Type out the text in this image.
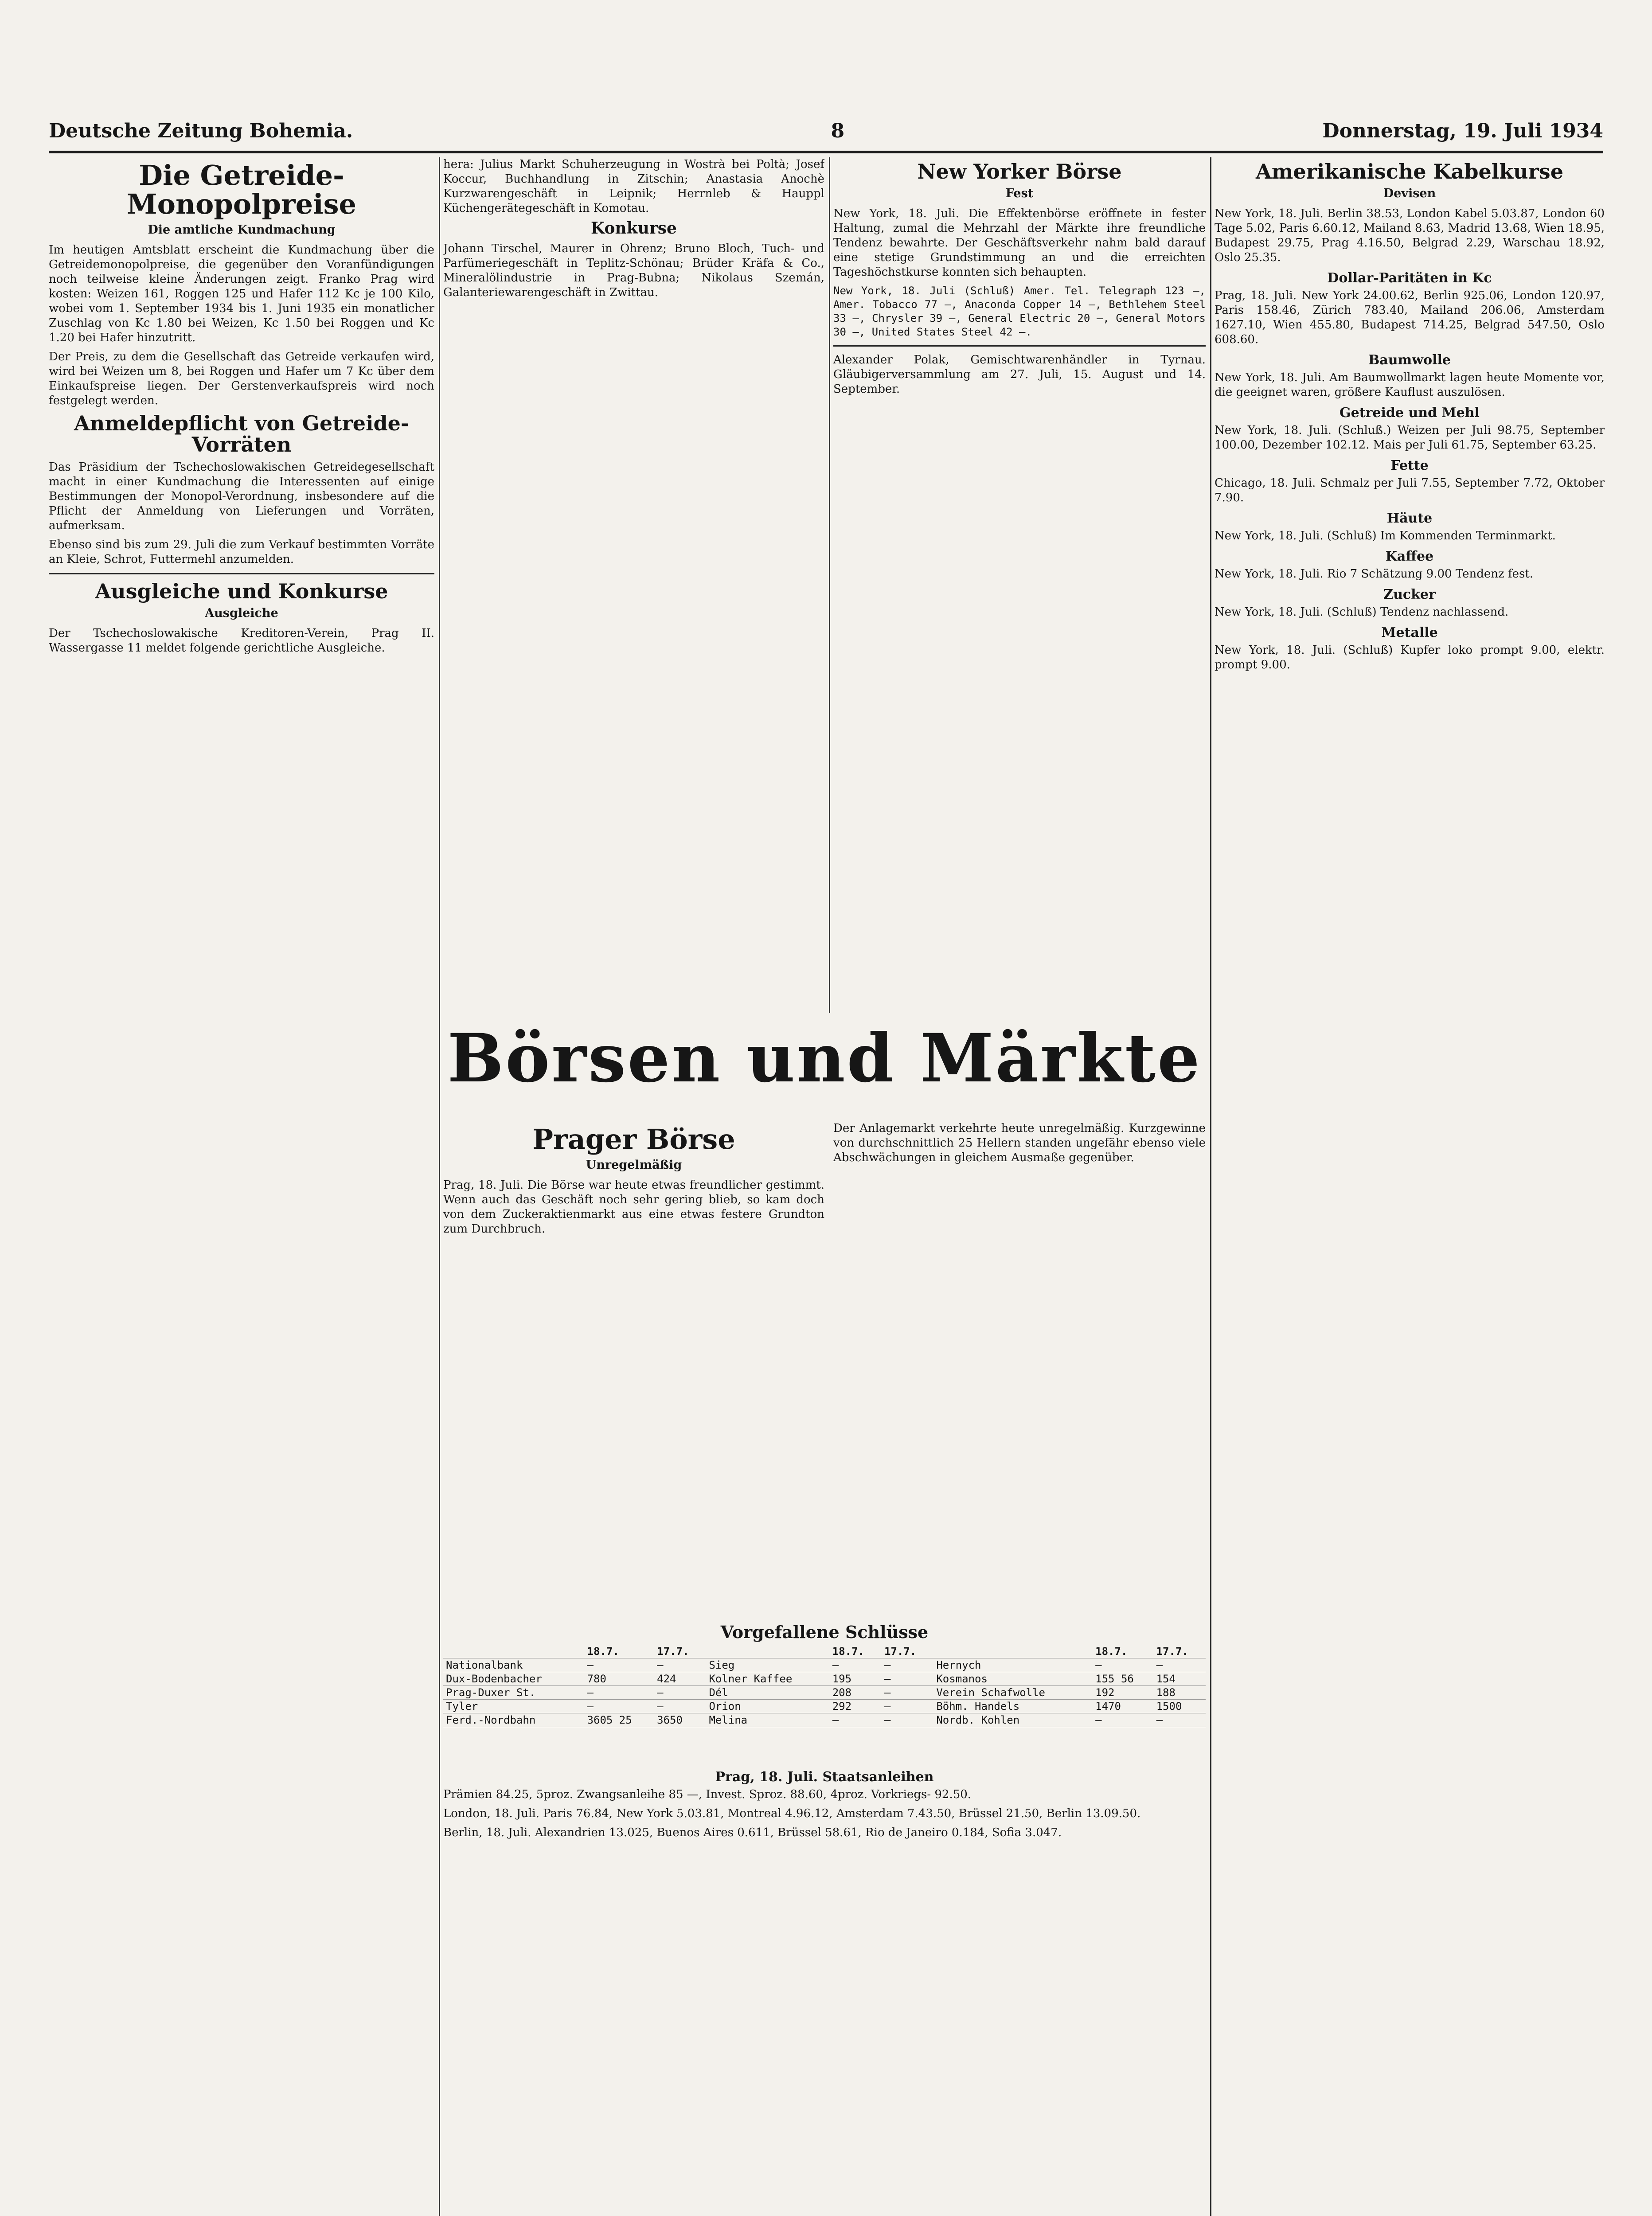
Deutsche Zeitung Bohemia.	8	Donnerstag, 19. Juli 1934
Die Getreide-Monopolpreise
Die amtliche Kundmachung

Im heutigen Amtsblatt erscheint die Kundmachung über die Getreidemonopolpreise, die gegenüber den Voranfündigungen noch teilweise kleine Änderungen zeigt. Franko Prag wird kosten: Weizen 161, Roggen 125 und Hafer 112 Kc je 100 Kilo, wobei vom 1. September 1934 bis 1. Juni 1935 ein monatlicher Zuschlag von Kc 1.80 bei Weizen, Kc 1.50 bei Roggen und Kc 1.20 bei Hafer hinzutritt.

Der Preis, zu dem die Gesellschaft das Getreide verkaufen wird, wird bei Weizen um 8, bei Roggen und Hafer um 7 Kc über dem Einkaufspreise liegen. Der Gerstenverkaufspreis wird noch festgelegt werden.

Anmeldepflicht von Getreide-Vorräten

Das Präsidium der Tschechoslowakischen Getreidegesellschaft macht in einer Kundmachung die Interessenten auf einige Bestimmungen der Monopol-Verordnung, insbesondere auf die Pflicht der Anmeldung von Lieferungen und Vorräten, aufmerksam.

Ebenso sind bis zum 29. Juli die zum Verkauf bestimmten Vorräte an Kleie, Schrot, Futtermehl anzumelden.

Ausgleiche und Konkurse
Ausgleiche

Der Tschechoslowakische Kreditoren-Verein, Prag II. Wassergasse 11 meldet folgende gerichtliche Ausgleiche.

hera: Julius Markt Schuherzeugung in Wostrà bei Poltà; Josef Koccur, Buchhandlung in Zitschin; Anastasia Anochè Kurzwarengeschäft in Leipnik; Herrnleb & Hauppl Küchengerätegeschäft in Komotau.

Konkurse

Johann Tirschel, Maurer in Ohrenz; Bruno Bloch, Tuch- und Parfümeriegeschäft in Teplitz-Schönau; Brüder Kräfa & Co., Mineralölindustrie in Prag-Bubna; Nikolaus Szemán, Galanteriewarengeschäft in Zwittau.

New Yorker Börse
Fest

New York, 18. Juli. Die Effektenbörse eröffnete in fester Haltung, zumal die Mehrzahl der Märkte ihre freundliche Tendenz bewahrte. Der Geschäftsverkehr nahm bald darauf eine stetige Grundstimmung an und die erreichten Tageshöchstkurse konnten sich behaupten.

New York, 18. Juli (Schluß) Amer. Tel. Telegraph 123 —, Amer. Tobacco 77 —, Anaconda Copper 14 —, Bethlehem Steel 33 —, Chrysler 39 —, General Electric 20 —, General Motors 30 —, United States Steel 42 —.

Alexander Polak, Gemischtwarenhändler in Tyrnau. Gläubigerversammlung am 27. Juli, 15. August und 14. September.

Amerikanische Kabelkurse
Devisen

New York, 18. Juli. Berlin 38.53, London Kabel 5.03.87, London 60 Tage 5.02, Paris 6.60.12, Mailand 8.63, Madrid 13.68, Wien 18.95, Budapest 29.75, Prag 4.16.50, Belgrad 2.29, Warschau 18.92, Oslo 25.35.

Dollar-Paritäten in Kc

Prag, 18. Juli. New York 24.00.62, Berlin 925.06, London 120.97, Paris 158.46, Zürich 783.40, Mailand 206.06, Amsterdam 1627.10, Wien 455.80, Budapest 714.25, Belgrad 547.50, Oslo 608.60.

Baumwolle

New York, 18. Juli. Am Baumwollmarkt lagen heute Momente vor, die geeignet waren, größere Kauflust auszulösen.

Getreide und Mehl

New York, 18. Juli. (Schluß.) Weizen per Juli 98.75, September 100.00, Dezember 102.12. Mais per Juli 61.75, September 63.25.

Fette

Chicago, 18. Juli. Schmalz per Juli 7.55, September 7.72, Oktober 7.90.

Häute

New York, 18. Juli. (Schluß) Im Kommenden Terminmarkt.

Kaffee

New York, 18. Juli. Rio 7 Schätzung 9.00 Tendenz fest.

Zucker

New York, 18. Juli. (Schluß) Tendenz nachlassend.

Metalle

New York, 18. Juli. (Schluß) Kupfer loko prompt 9.00, elektr. prompt 9.00.

Börsen und Märkte
Prager Börse
Unregelmäßig

Prag, 18. Juli. Die Börse war heute etwas freundlicher gestimmt. Wenn auch das Geschäft noch sehr gering blieb, so kam doch von dem Zuckeraktienmarkt aus eine etwas festere Grundton zum Durchbruch.

Der Anlagemarkt verkehrte heute unregelmäßig. Kurzgewinne von durchschnittlich 25 Hellern standen ungefähr ebenso viele Abschwächungen in gleichem Ausmaße gegenüber.

Vorgefallene Schlüsse
	18.7.	17.7.		18.7.	17.7.		18.7.	17.7.
Nationalbank	—	—	Sieg	—	—	Hernych	—	—
Dux-Bodenbacher	780	424	Kolner Kaffee	195	—	Kosmanos	155 56	154
Prag-Duxer St.	—	—	Dél	208	—	Verein Schafwolle	192	188
Tyler	—	—	Orion	292	—	Böhm. Handels	1470	1500
Ferd.-Nordbahn	3605 25	3650	Melina	—	—	Nordb. Kohlen	—	—
Prag, 18. Juli. Staatsanleihen

Prämien 84.25, 5proz. Zwangsanleihe 85 —, Invest. Sproz. 88.60, 4proz. Vorkriegs- 92.50.

London, 18. Juli. Paris 76.84, New York 5.03.81, Montreal 4.96.12, Amsterdam 7.43.50, Brüssel 21.50, Berlin 13.09.50.

Berlin, 18. Juli. Alexandrien 13.025, Buenos Aires 0.611, Brüssel 58.61, Rio de Janeiro 0.184, Sofia 3.047.
